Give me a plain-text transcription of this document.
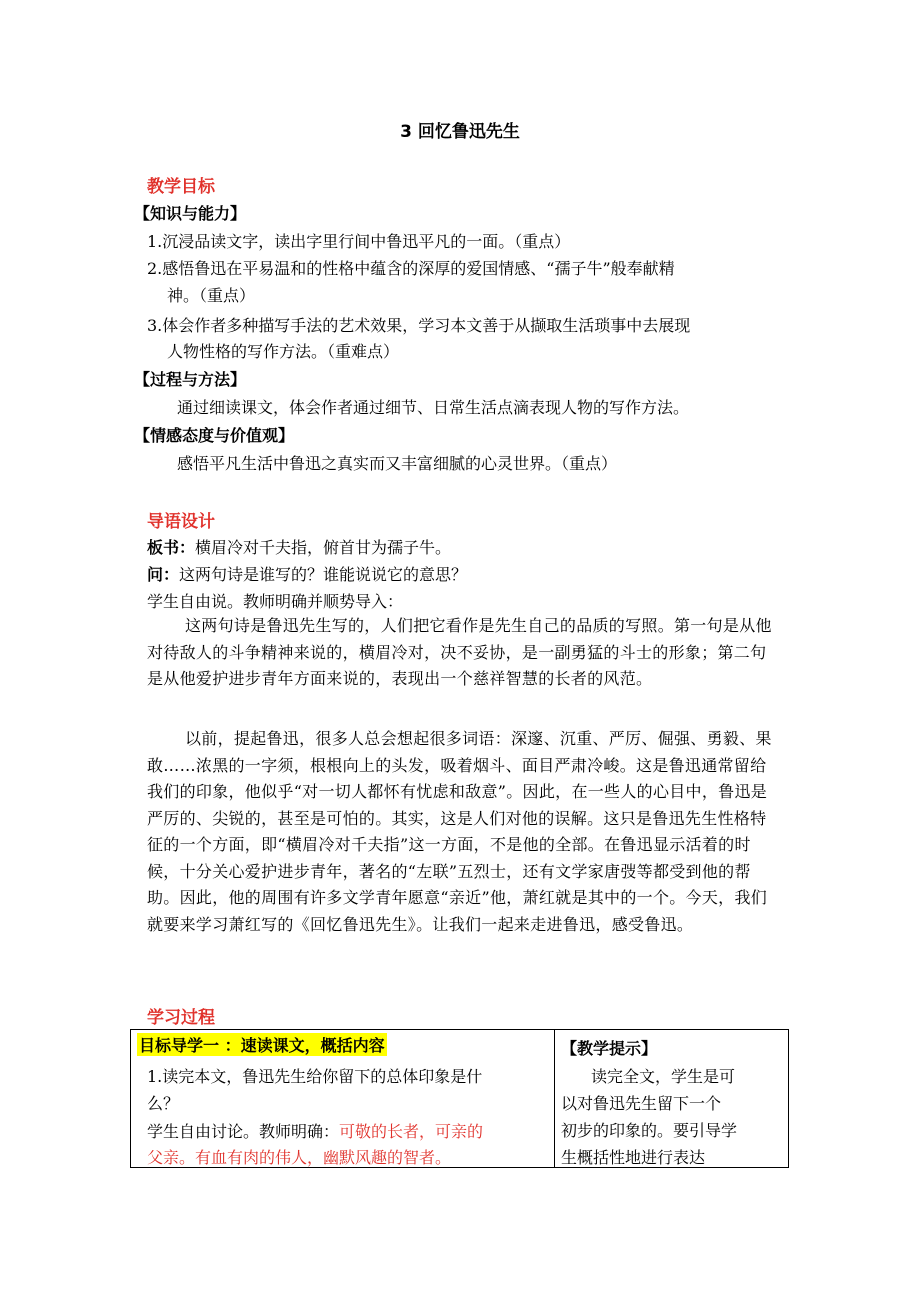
3 回忆鲁迅先生
教学目标
【知识与能力】
1.沉浸品读文字，读出字里行间中鲁迅平凡的一面。（重点）
2.感悟鲁迅在平易温和的性格中蕴含的深厚的爱国情感、“孺子牛”般奉献精
神。（重点）
3.体会作者多种描写手法的艺术效果，学习本文善于从撷取生活琐事中去展现
人物性格的写作方法。（重难点）
【过程与方法】
通过细读课文，体会作者通过细节、日常生活点滴表现人物的写作方法。
【情感态度与价值观】
感悟平凡生活中鲁迅之真实而又丰富细腻的心灵世界。（重点）
导语设计
板书：横眉冷对千夫指，俯首甘为孺子牛。
问：这两句诗是谁写的？谁能说说它的意思？
学生自由说。教师明确并顺势导入：
这两句诗是鲁迅先生写的，人们把它看作是先生自己的品质的写照。第一句是从他对待敌人的斗争精神来说的，横眉冷对，决不妥协，是一副勇猛的斗士的形象；第二句是从他爱护进步青年方面来说的，表现出一个慈祥智慧的长者的风范。
以前，提起鲁迅，很多人总会想起很多词语：深邃、沉重、严厉、倔强、勇毅、果敢……浓黑的一字须，根根向上的头发，吸着烟斗、面目严肃冷峻。这是鲁迅通常留给我们的印象，他似乎“对一切人都怀有忧虑和敌意”。因此，在一些人的心目中，鲁迅是严厉的、尖锐的，甚至是可怕的。其实，这是人们对他的误解。这只是鲁迅先生性格特征的一个方面，即“横眉冷对千夫指”这一方面，不是他的全部。在鲁迅显示活着的时候，十分关心爱护进步青年，著名的“左联”五烈士，还有文学家唐弢等都受到他的帮助。因此，他的周围有许多文学青年愿意“亲近”他，萧红就是其中的一个。今天，我们就要来学习萧红写的《回忆鲁迅先生》。让我们一起来走进鲁迅，感受鲁迅。
学习过程
目标导学一 ：速读课文，概括内容
1.读完本文，鲁迅先生给你留下的总体印象是什
么？
学生自由讨论。教师明确：可敬的长者，可亲的
父亲。有血有肉的伟人，幽默风趣的智者。
【教学提示】
读完全文，学生是可
以对鲁迅先生留下一个
初步的印象的。要引导学
生概括性地进行表达
